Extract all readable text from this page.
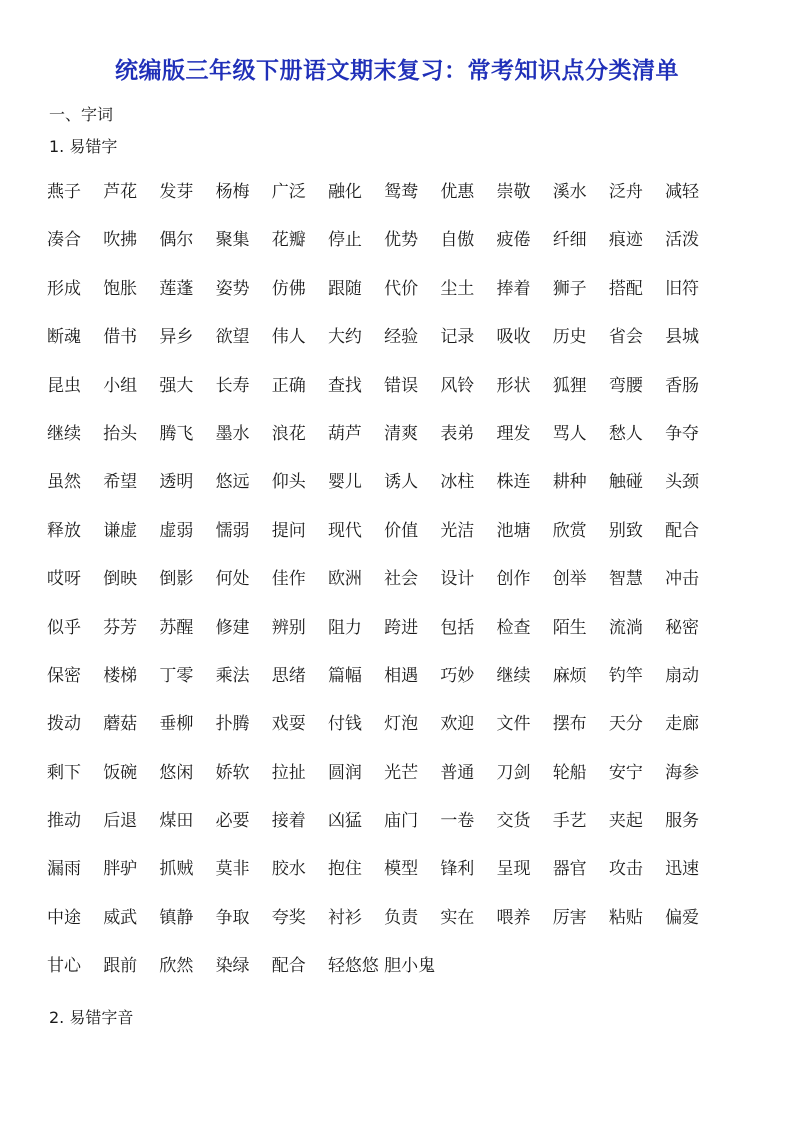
统编版三年级下册语文期末复习：常考知识点分类清单
一、字词
1. 易错字
燕子	芦花	发芽	杨梅	广泛	融化	鸳鸯	优惠	崇敬	溪水	泛舟	减轻
凑合	吹拂	偶尔	聚集	花瓣	停止	优势	自傲	疲倦	纤细	痕迹	活泼
形成	饱胀	莲蓬	姿势	仿佛	跟随	代价	尘土	捧着	狮子	搭配	旧符
断魂	借书	异乡	欲望	伟人	大约	经验	记录	吸收	历史	省会	县城
昆虫	小组	强大	长寿	正确	查找	错误	风铃	形状	狐狸	弯腰	香肠
继续	抬头	腾飞	墨水	浪花	葫芦	清爽	表弟	理发	骂人	愁人	争夺
虽然	希望	透明	悠远	仰头	婴儿	诱人	冰柱	株连	耕种	触碰	头颈
释放	谦虚	虚弱	懦弱	提问	现代	价值	光洁	池塘	欣赏	别致	配合
哎呀	倒映	倒影	何处	佳作	欧洲	社会	设计	创作	创举	智慧	冲击
似乎	芬芳	苏醒	修建	辨别	阻力	跨进	包括	检查	陌生	流淌	秘密
保密	楼梯	丁零	乘法	思绪	篇幅	相遇	巧妙	继续	麻烦	钓竿	扇动
拨动	蘑菇	垂柳	扑腾	戏耍	付钱	灯泡	欢迎	文件	摆布	天分	走廊
剩下	饭碗	悠闲	娇软	拉扯	圆润	光芒	普通	刀剑	轮船	安宁	海参
推动	后退	煤田	必要	接着	凶猛	庙门	一卷	交货	手艺	夹起	服务
漏雨	胖驴	抓贼	莫非	胶水	抱住	模型	锋利	呈现	器官	攻击	迅速
中途	威武	镇静	争取	夸奖	衬衫	负责	实在	喂养	厉害	粘贴	偏爱
甘心	跟前	欣然	染绿	配合	轻悠悠 胆小鬼
2. 易错字音
